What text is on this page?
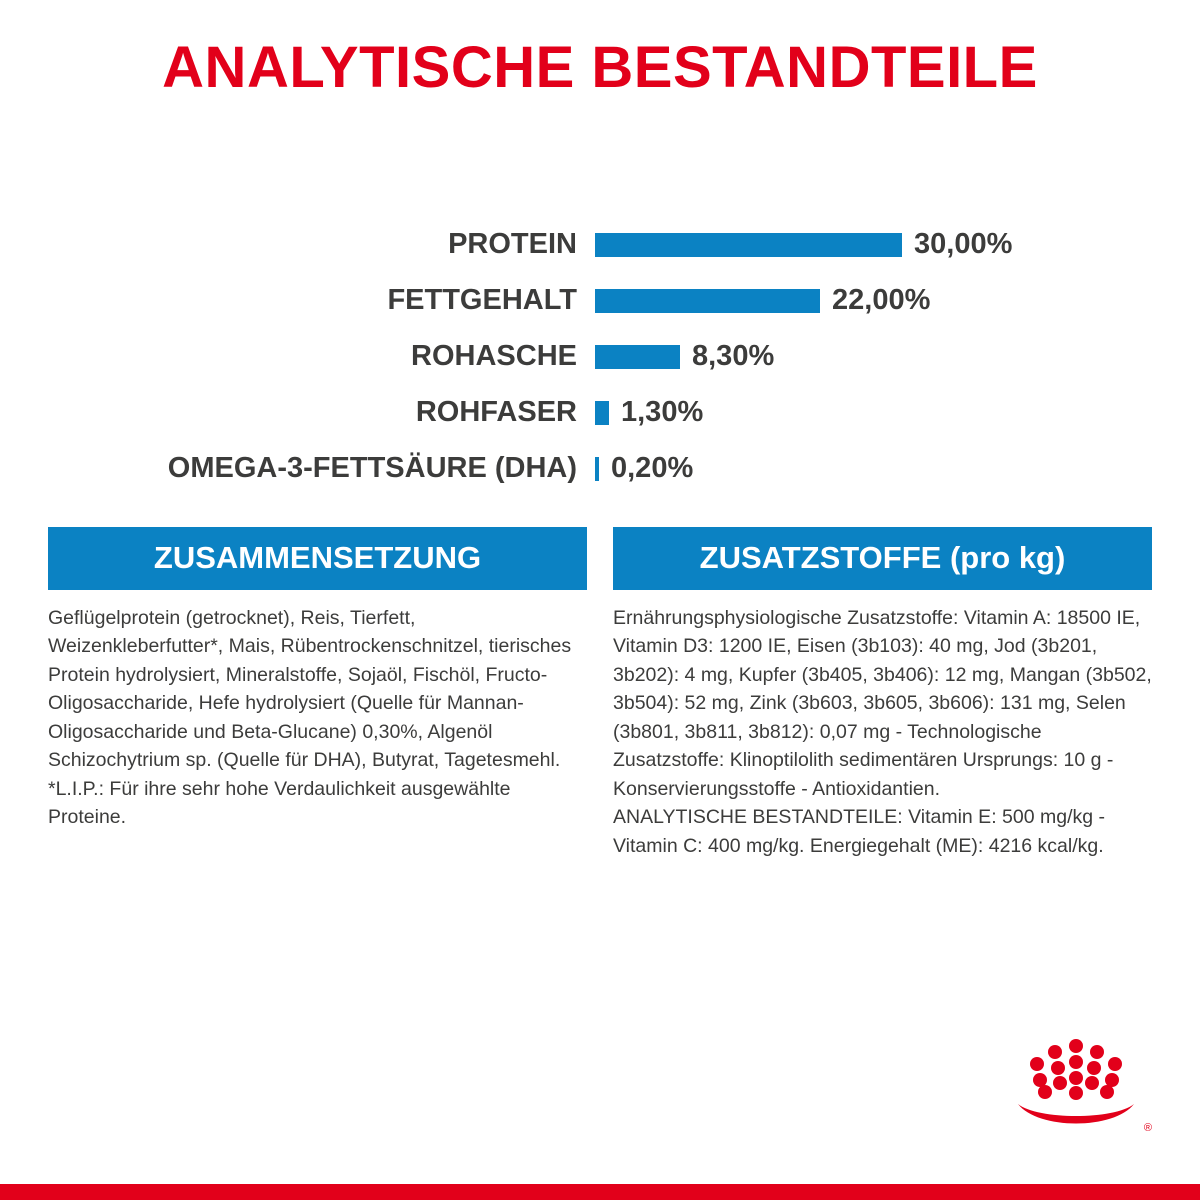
ANALYTISCHE BESTANDTEILE
PROTEIN	30,00%
FETTGEHALT	22,00%
ROHASCHE	8,30%
ROHFASER	1,30%
OMEGA-3-FETTSÄURE (DHA)	0,20%
ZUSAMMENSETZUNG

Geflügelprotein (getrocknet), Reis, Tierfett, Weizenkleberfutter*, Mais, Rübentrockenschnitzel, tierisches Protein hydrolysiert, Mineralstoffe, Sojaöl, Fischöl, Fructo-Oligosaccharide, Hefe hydrolysiert (Quelle für Mannan-Oligosaccharide und Beta-Glucane) 0,30%, Algenöl Schizochytrium sp. (Quelle für DHA), Butyrat, Tagetesmehl.

*L.I.P.: Für ihre sehr hohe Verdaulichkeit ausgewählte Proteine.

ZUSATZSTOFFE (pro kg)

Ernährungsphysiologische Zusatzstoffe: Vitamin A: 18500 IE, Vitamin D3: 1200 IE, Eisen (3b103): 40 mg, Jod (3b201, 3b202): 4 mg, Kupfer (3b405, 3b406): 12 mg, Mangan (3b502, 3b504): 52 mg, Zink (3b603, 3b605, 3b606): 131 mg, Selen (3b801, 3b811, 3b812): 0,07 mg - Technologische Zusatzstoffe: Klinoptilolith sedimentären Ursprungs: 10 g - Konservierungsstoffe - Antioxidantien.

ANALYTISCHE BESTANDTEILE: Vitamin E: 500 mg/kg - Vitamin C: 400 mg/kg. Energiegehalt (ME): 4216 kcal/kg.

®
